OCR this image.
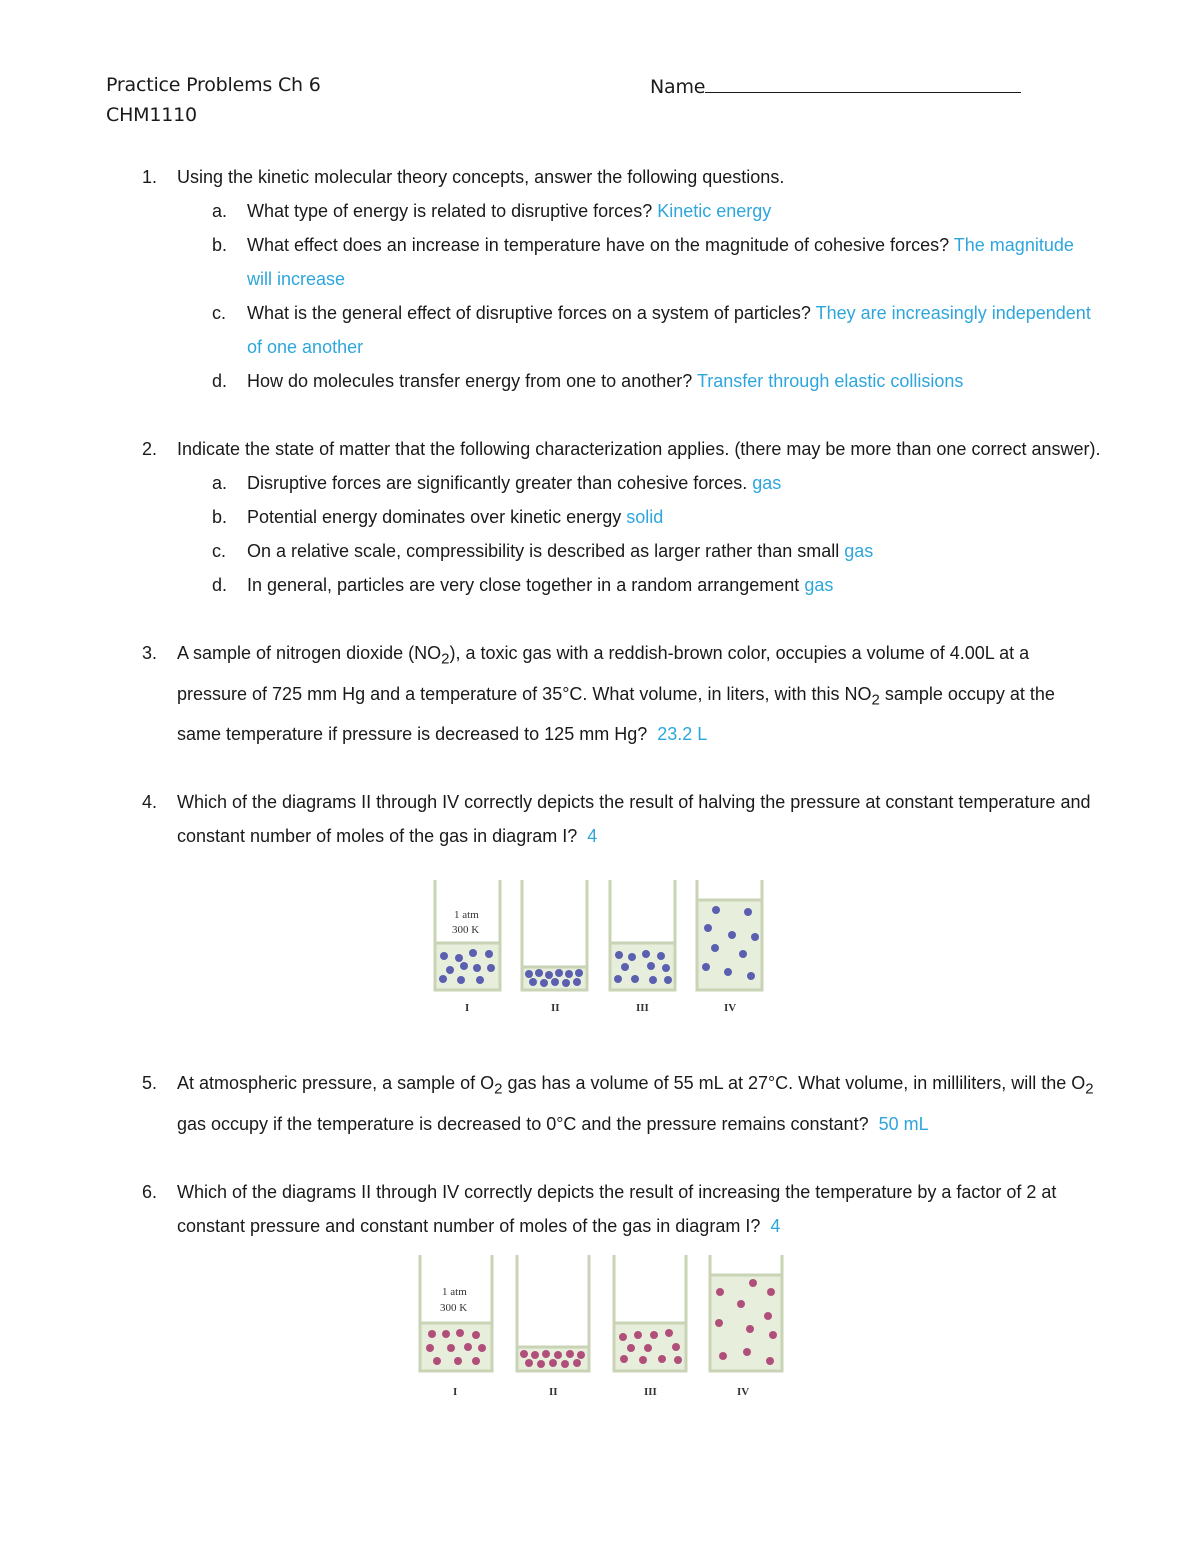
Practice Problems Ch 6
CHM1110
Name
1. Using the kinetic molecular theory concepts, answer the following questions.
a. What type of energy is related to disruptive forces? Kinetic energy
b. What effect does an increase in temperature have on the magnitude of cohesive forces? The magnitude will increase
c. What is the general effect of disruptive forces on a system of particles? They are increasingly independent of one another
d. How do molecules transfer energy from one to another? Transfer through elastic collisions
2. Indicate the state of matter that the following characterization applies. (there may be more than one correct answer).
a. Disruptive forces are significantly greater than cohesive forces. gas
b. Potential energy dominates over kinetic energy solid
c. On a relative scale, compressibility is described as larger rather than small gas
d. In general, particles are very close together in a random arrangement gas
3. A sample of nitrogen dioxide $(NO_2)$, a toxic gas with a reddish-brown color, occupies a volume of 4.00L at a pressure of 725 mm Hg and a temperature of 35°C. What volume, in liters, with this $NO_2$ sample occupy at the same temperature if pressure is decreased to 125 mm Hg? 23.2 L
4. Which of the diagrams II through IV correctly depicts the result of halving the pressure at constant temperature and constant number of moles of the gas in diagram I? 4
1 atm
300 K
I	II	III	IV
5. At atmospheric pressure, a sample of $O_2$ gas has a volume of 55 mL at 27°C. What volume, in milliliters, will the $O_2$ gas occupy if the temperature is decreased to 0°C and the pressure remains constant? 50 mL
6. Which of the diagrams II through IV correctly depicts the result of increasing the temperature by a factor of 2 at constant pressure and constant number of moles of the gas in diagram I? 4
1 atm
300 K
I	II	III	IV
